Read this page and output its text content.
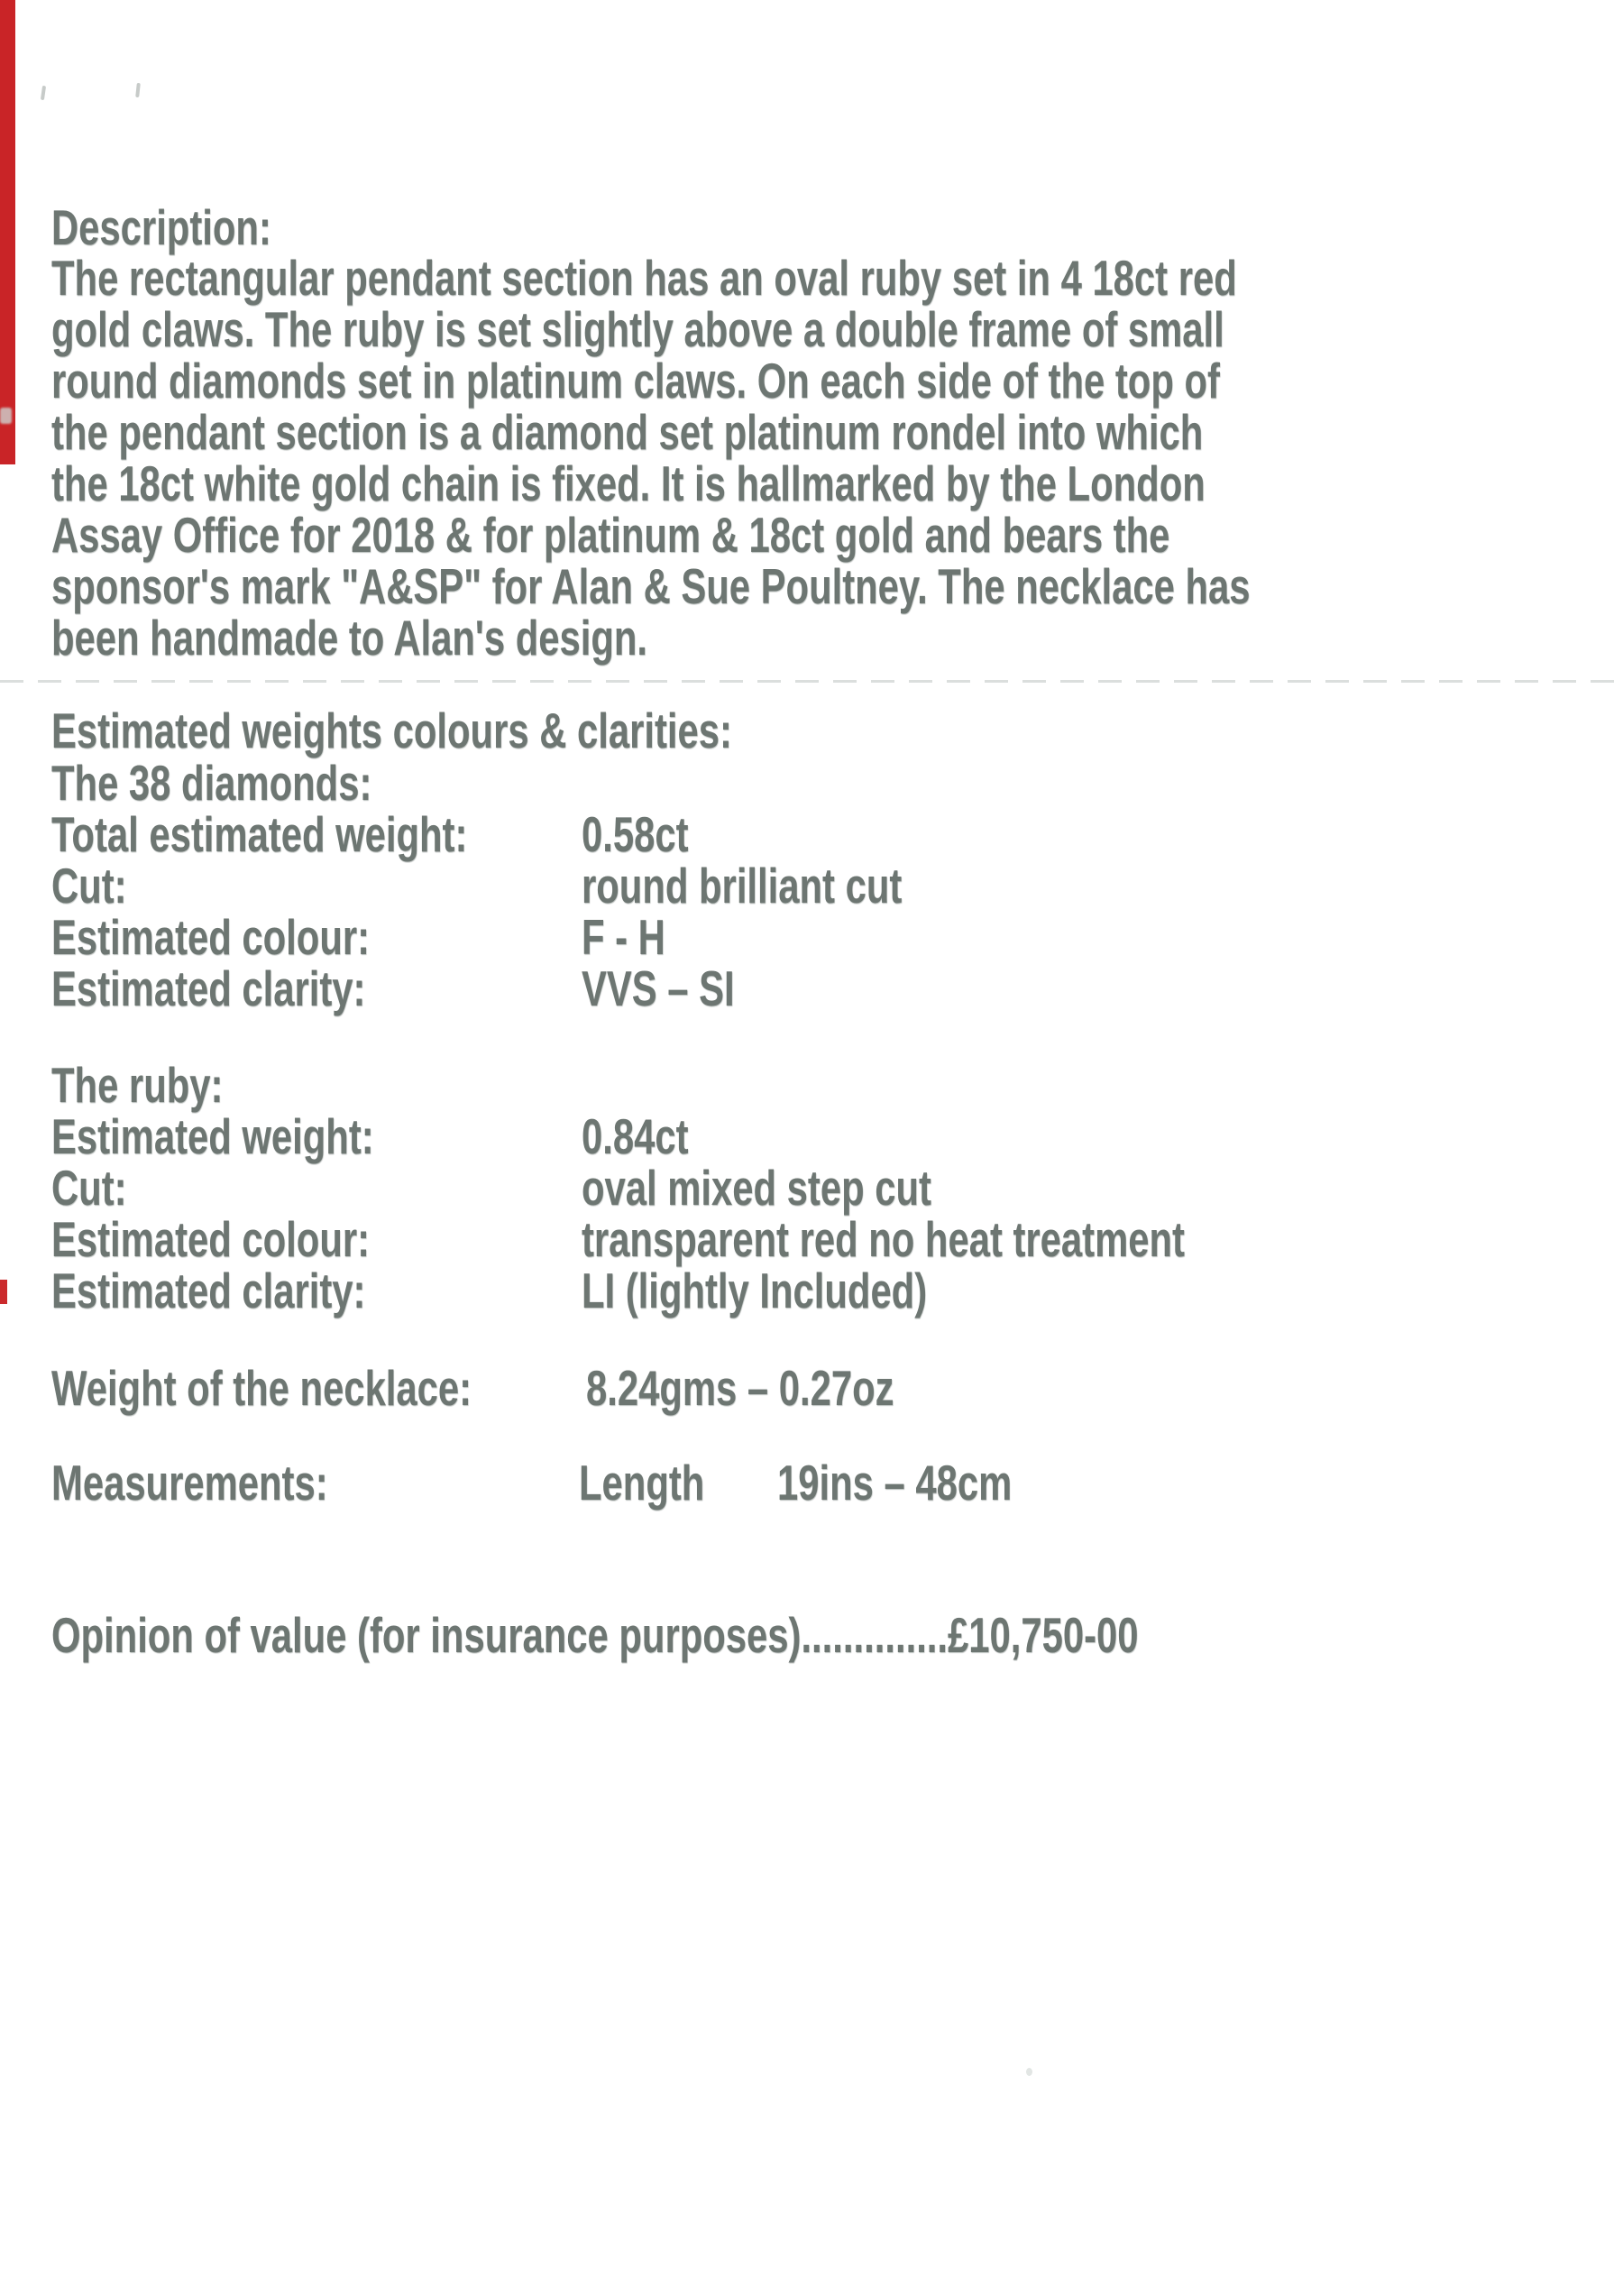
Description:
The rectangular pendant section has an oval ruby set in 4 18ct red
gold claws. The ruby is set slightly above a double frame of small
round diamonds set in platinum claws. On each side of the top of
the pendant section is a diamond set platinum rondel into which
the 18ct white gold chain is fixed. It is hallmarked by the London
Assay Office for 2018 & for platinum & 18ct gold and bears the
sponsor's mark "A&SP" for Alan & Sue Poultney. The necklace has
been handmade to Alan's design.
Estimated weights colours & clarities:
The 38 diamonds:
Total estimated weight:	0.58ct
Cut:	round brilliant cut
Estimated colour:	F - H
Estimated clarity:	VVS – SI
The ruby:
Estimated weight:	0.84ct
Cut:	oval mixed step cut
Estimated colour:	transparent red no heat treatment
Estimated clarity:	LI (lightly Included)
Weight of the necklace:	8.24gms – 0.27oz
Measurements:	Length	19ins – 48cm
Opinion of value (for insurance purposes)..............£10,750-00
